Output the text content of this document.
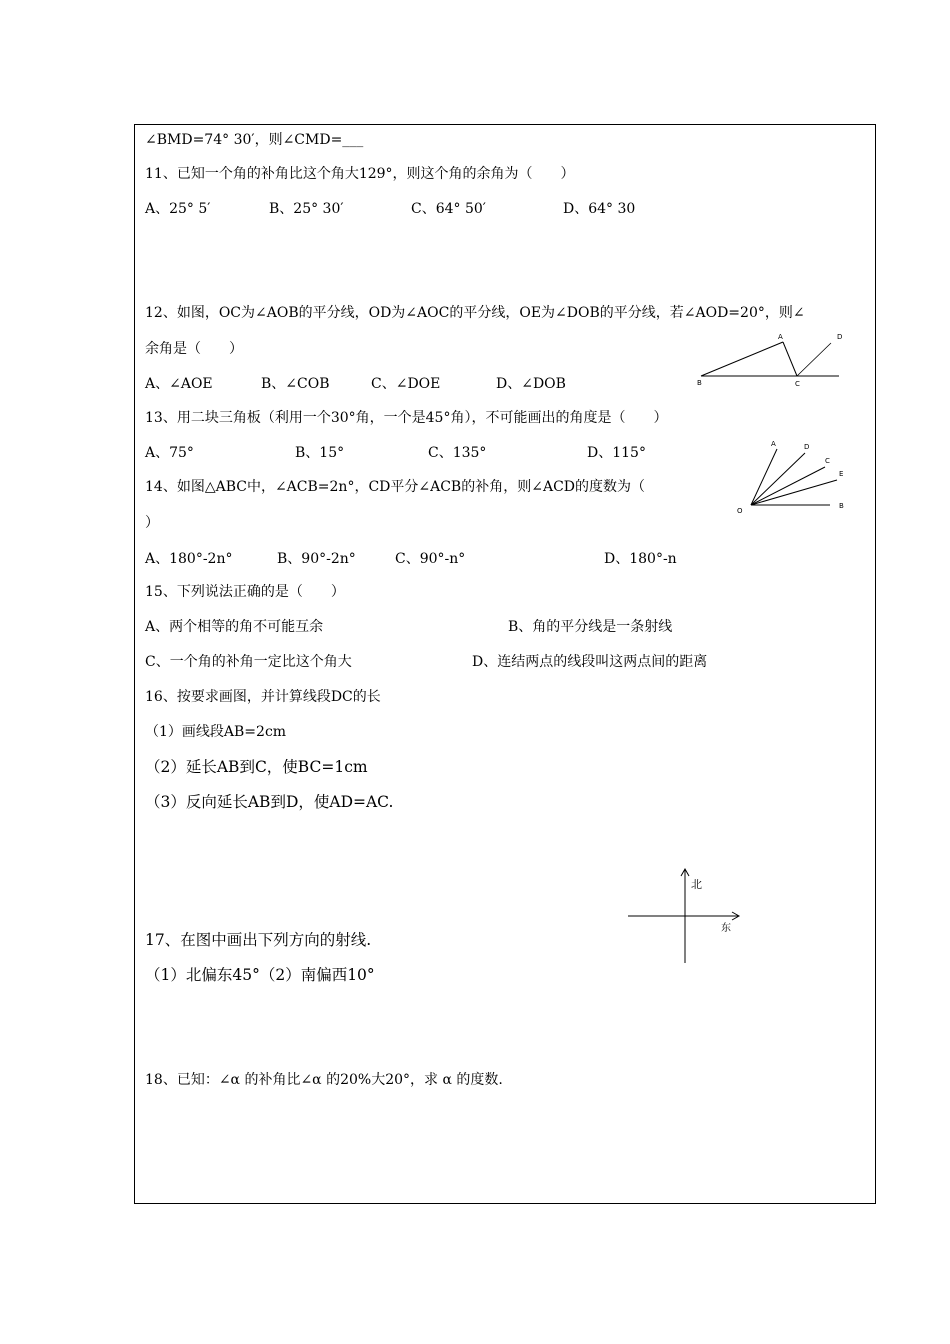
∠BMD=74° 30′，则∠CMD=___
11、已知一个角的补角比这个角大129°，则这个角的余角为（　　）
A、25° 5′	B、25° 30′	C、64° 50′	D、64° 30
12、如图，OC为∠AOB的平分线，OD为∠AOC的平分线，OE为∠DOB的平分线，若∠AOD=20°，则∠
余角是（　　）
A、∠AOE	B、∠COB	C、∠DOE	D、∠DOB
13、用二块三角板（利用一个30°角，一个是45°角），不可能画出的角度是（　　）
A、75°	B、15°	C、135°	D、115°
14、如图△ABC中，∠ACB=2n°，CD平分∠ACB的补角，则∠ACD的度数为（
）
A、180°-2n°	B、90°-2n°	C、90°-n°	D、180°-n
15、下列说法正确的是（　　）
A、两个相等的角不可能互余	B、角的平分线是一条射线
C、一个角的补角一定比这个角大	D、连结两点的线段叫这两点间的距离
16、按要求画图，并计算线段DC的长
（1）画线段AB=2cm
（2）延长AB到C，使BC=1cm
（3）反向延长AB到D，使AD=AC.
17、在图中画出下列方向的射线.
（1）北偏东45°（2）南偏西10°
18、已知：∠α 的补角比∠α 的20%大20°，求 α 的度数.
A	D
B	C
A	D
C
E
B
O
北
东
